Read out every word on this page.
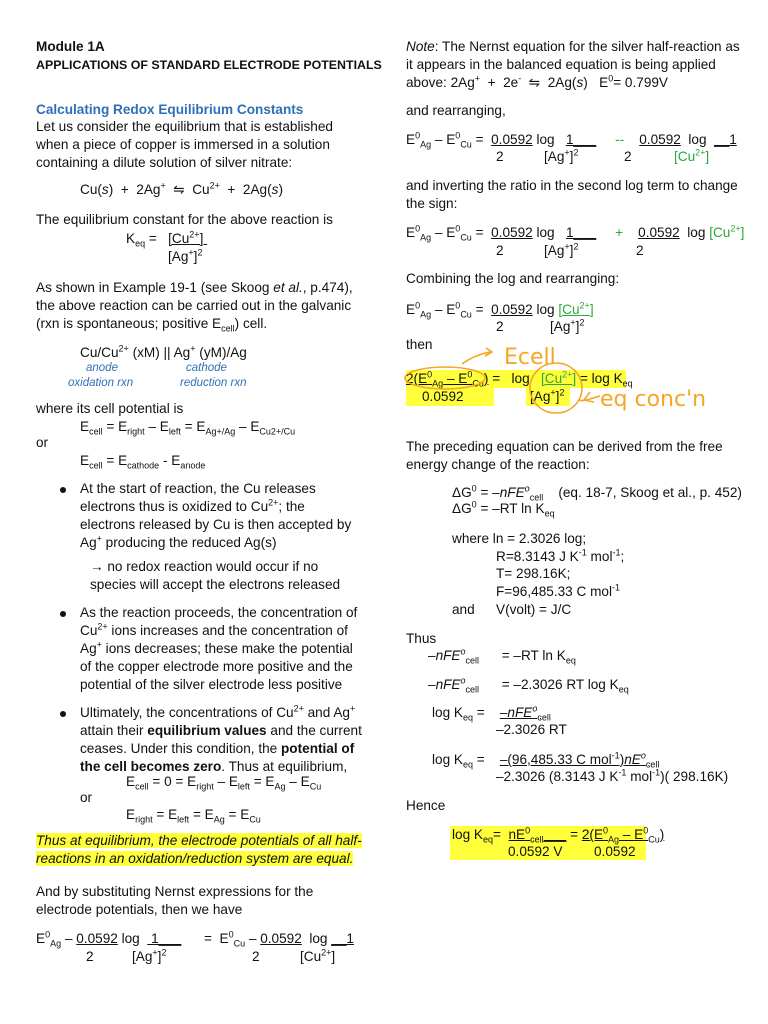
Module 1A
APPLICATIONS OF STANDARD ELECTRODE POTENTIALS
Calculating Redox Equilibrium Constants
Let us consider the equilibrium that is established when a piece of copper is immersed in a solution containing a dilute solution of silver nitrate:
Cu(s)  +  2Ag+  ⇋  $Cu^{2+} + 2Ag(s)$
The equilibrium constant for the above reaction is
$K_{eq} = [Cu^{2+}]$
$[Ag^+]^2$
As shown in Example 19-1 (see Skoog et al., p.474), the above reaction can be carried out in the galvanic (rxn is spontaneous; positive $E_{cell}$) cell.
$Cu/Cu^{2+}$ (xM) || Ag+ (yM)/Ag
anode	cathode
oxidation rxn	reduction rxn
where its cell potential is
$E_{cell} = E_{right} - E_{left} = E_{Ag+/Ag} - E_{Cu2+/Cu}$
or
$E_{cell} = E_{cathode} - E_{anode}$
At the start of reaction, the Cu releases electrons thus is oxidized to $Cu^{2+}$; the electrons released by Cu is then accepted by Ag+ producing the reduced Ag(s)
→ no redox reaction would occur if no species will accept the electrons released
As the reaction proceeds, the concentration of $Cu^{2+}$ ions increases and the concentration of Ag+ ions decreases; these make the potential of the copper electrode more positive and the potential of the silver electrode less positive
Ultimately, the concentrations of $Cu^{2+}$ and Ag+ attain their equilibrium values and the current ceases. Under this condition, the potential of the cell becomes zero. Thus at equilibrium,
$E_{cell} = 0 = E_{right} - E_{left} = E_{Ag} - E_{Cu}$
or
$E_{right} = E_{left} = E_{Ag} = E_{Cu}$
Thus at equilibrium, the electrode potentials of all half-reactions in an oxidation/reduction system are equal.
And by substituting Nernst expressions for the electrode potentials, then we have
$E^0_{Ag} - 0.0592$ log   1___      =  $E^0_{Cu} - 0.0592$  log __1
2	$[Ag^+]^2$	2	$[Cu^{2+}]$
Note: The Nernst equation for the silver half-reaction as it appears in the balanced equation is being applied above: 2Ag+  +  2e-  ⇋  2Ag(s)   $E^0= 0.799V$
and rearranging,
$E^0_{Ag} - E^0_{Cu} = 0.0592$ log   1___ -- 0.0592  log  __1
2	$[Ag^+]^2$	2	$[Cu^{2+}]$
and inverting the ratio in the second log term to change the sign:
$E^0_{Ag} - E^0_{Cu} = 0.0592$ log   1___ + 0.0592  $\log [Cu^{2+}]$
2	$[Ag^+]^2$	2
Combining the log and rearranging:
$E^0_{Ag} - E^0_{Cu} = 0.0592$ $\log [Cu^{2+}]$
2	$[Ag^+]^2$
then
$2(E^0_{Ag} - E^0_{Cu}) = \log [Cu^{2+}] = \log K_{eq}$
0.0592	$[Ag^+]^2$
Ecell
eq conc'n
The preceding equation can be derived from the free energy change of the reaction:
$\Delta G^0 = -nFE^o_{cell}$ (eq. 18-7, Skoog et al., p. 452)
$\Delta G^0 = -RT$ $\ln K_{eq}$
where ln = 2.3026 log;
R=8.3143 J $K^{-1}$ mol$^{-1}$;
T= 298.16K;
F=96,485.33 C mol$^{-1}$
and V(volt) = J/C
Thus
–nFE$^o_{cell}$      = –RT $\ln K_{eq}$
–nFE$^o_{cell}$      = –2.3026 RT $\log K_{eq}$
$\log K_{eq}$ =    –nFE$^o_{cell}$
–2.3026 RT
$\log K_{eq}$ =    –(96,485.33 C $mol^{-1})nE^o_{cell}$
–2.3026 (8.3143 J $K^{-1}$ mol$^{-1}$)( 298.16K)
Hence
$\log K_{eq}=$  $nE^0_{cell}\_\_\_ = 2(E^0_{Ag} - E^0_{Cu})$
0.0592 V 0.0592
